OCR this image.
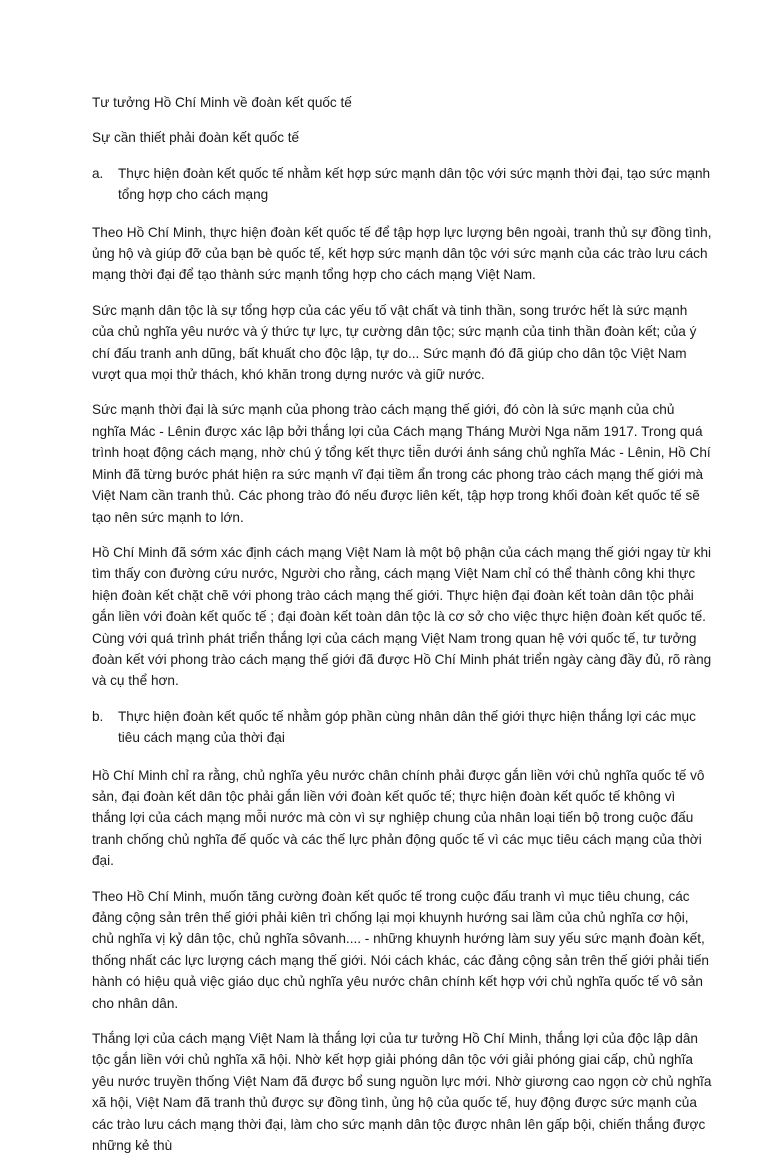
Tư tưởng Hồ Chí Minh về đoàn kết quốc tế

Sự cần thiết phải đoàn kết quốc tế

a. Thực hiện đoàn kết quốc tế nhằm kết hợp sức mạnh dân tộc với sức mạnh thời đại, tạo sức mạnh tổng hợp cho cách mạng

Theo Hồ Chí Minh, thực hiện đoàn kết quốc tế để tập hợp lực lượng bên ngoài, tranh thủ sự đồng tình, ủng hộ và giúp đỡ của bạn bè quốc tế, kết hợp sức mạnh dân tộc với sức mạnh của các trào lưu cách mạng thời đại để tạo thành sức mạnh tổng hợp cho cách mạng Việt Nam.

Sức mạnh dân tộc là sự tổng hợp của các yếu tố vật chất và tinh thần, song trước hết là sức mạnh của chủ nghĩa yêu nước và ý thức tự lực, tự cường dân tộc; sức mạnh của tinh thần đoàn kết; của ý chí đấu tranh anh dũng, bất khuất cho độc lập, tự do... Sức mạnh đó đã giúp cho dân tộc Việt Nam vượt qua mọi thử thách, khó khăn trong dựng nước và giữ nước.

Sức mạnh thời đại là sức mạnh của phong trào cách mạng thế giới, đó còn là sức mạnh của chủ nghĩa Mác - Lênin được xác lập bởi thắng lợi của Cách mạng Tháng Mười Nga năm 1917. Trong quá trình hoạt động cách mạng, nhờ chú ý tổng kết thực tiễn dưới ánh sáng chủ nghĩa Mác - Lênin, Hồ Chí Minh đã từng bước phát hiện ra sức mạnh vĩ đại tiềm ẩn trong các phong trào cách mạng thế giới mà Việt Nam cần tranh thủ. Các phong trào đó nếu được liên kết, tập hợp trong khối đoàn kết quốc tế sẽ tạo nên sức mạnh to lớn.

Hồ Chí Minh đã sớm xác định cách mạng Việt Nam là một bộ phận của cách mạng thế giới ngay từ khi tìm thấy con đường cứu nước, Người cho rằng, cách mạng Việt Nam chỉ có thể thành công khi thực hiện đoàn kết chặt chẽ với phong trào cách mạng thế giới. Thực hiện đại đoàn kết toàn dân tộc phải gắn liền với đoàn kết quốc tế ; đại đoàn kết toàn dân tộc là cơ sở cho việc thực hiện đoàn kết quốc tế. Cùng với quá trình phát triển thắng lợi của cách mạng Việt Nam trong quan hệ với quốc tế, tư tưởng đoàn kết với phong trào cách mạng thế giới đã được Hồ Chí Minh phát triển ngày càng đầy đủ, rõ ràng và cụ thể hơn.

b. Thực hiện đoàn kết quốc tế nhằm góp phần cùng nhân dân thế giới thực hiện thắng lợi các mục tiêu cách mạng của thời đại

Hồ Chí Minh chỉ ra rằng, chủ nghĩa yêu nước chân chính phải được gắn liền với chủ nghĩa quốc tế vô sản, đại đoàn kết dân tộc phải gắn liền với đoàn kết quốc tế; thực hiện đoàn kết quốc tế không vì thắng lợi của cách mạng mỗi nước mà còn vì sự nghiệp chung của nhân loại tiến bộ trong cuộc đấu tranh chống chủ nghĩa đế quốc và các thế lực phản động quốc tế vì các mục tiêu cách mạng của thời đại.

Theo Hồ Chí Minh, muốn tăng cường đoàn kết quốc tế trong cuộc đấu tranh vì mục tiêu chung, các đảng cộng sản trên thế giới phải kiên trì chống lại mọi khuynh hướng sai lầm của chủ nghĩa cơ hội, chủ nghĩa vị kỷ dân tộc, chủ nghĩa sôvanh.... - những khuynh hướng làm suy yếu sức mạnh đoàn kết, thống nhất các lực lượng cách mạng thế giới. Nói cách khác, các đảng cộng sản trên thế giới phải tiến hành có hiệu quả việc giáo dục chủ nghĩa yêu nước chân chính kết hợp với chủ nghĩa quốc tế vô sản cho nhân dân.

Thắng lợi của cách mạng Việt Nam là thắng lợi của tư tưởng Hồ Chí Minh, thắng lợi của độc lập dân tộc gắn liền với chủ nghĩa xã hội. Nhờ kết hợp giải phóng dân tộc với giải phóng giai cấp, chủ nghĩa yêu nước truyền thống Việt Nam đã được bổ sung nguồn lực mới. Nhờ giương cao ngọn cờ chủ nghĩa xã hội, Việt Nam đã tranh thủ được sự đồng tình, ủng hộ của quốc tế, huy động được sức mạnh của các trào lưu cách mạng thời đại, làm cho sức mạnh dân tộc được nhân lên gấp bội, chiến thắng được những kẻ thù
